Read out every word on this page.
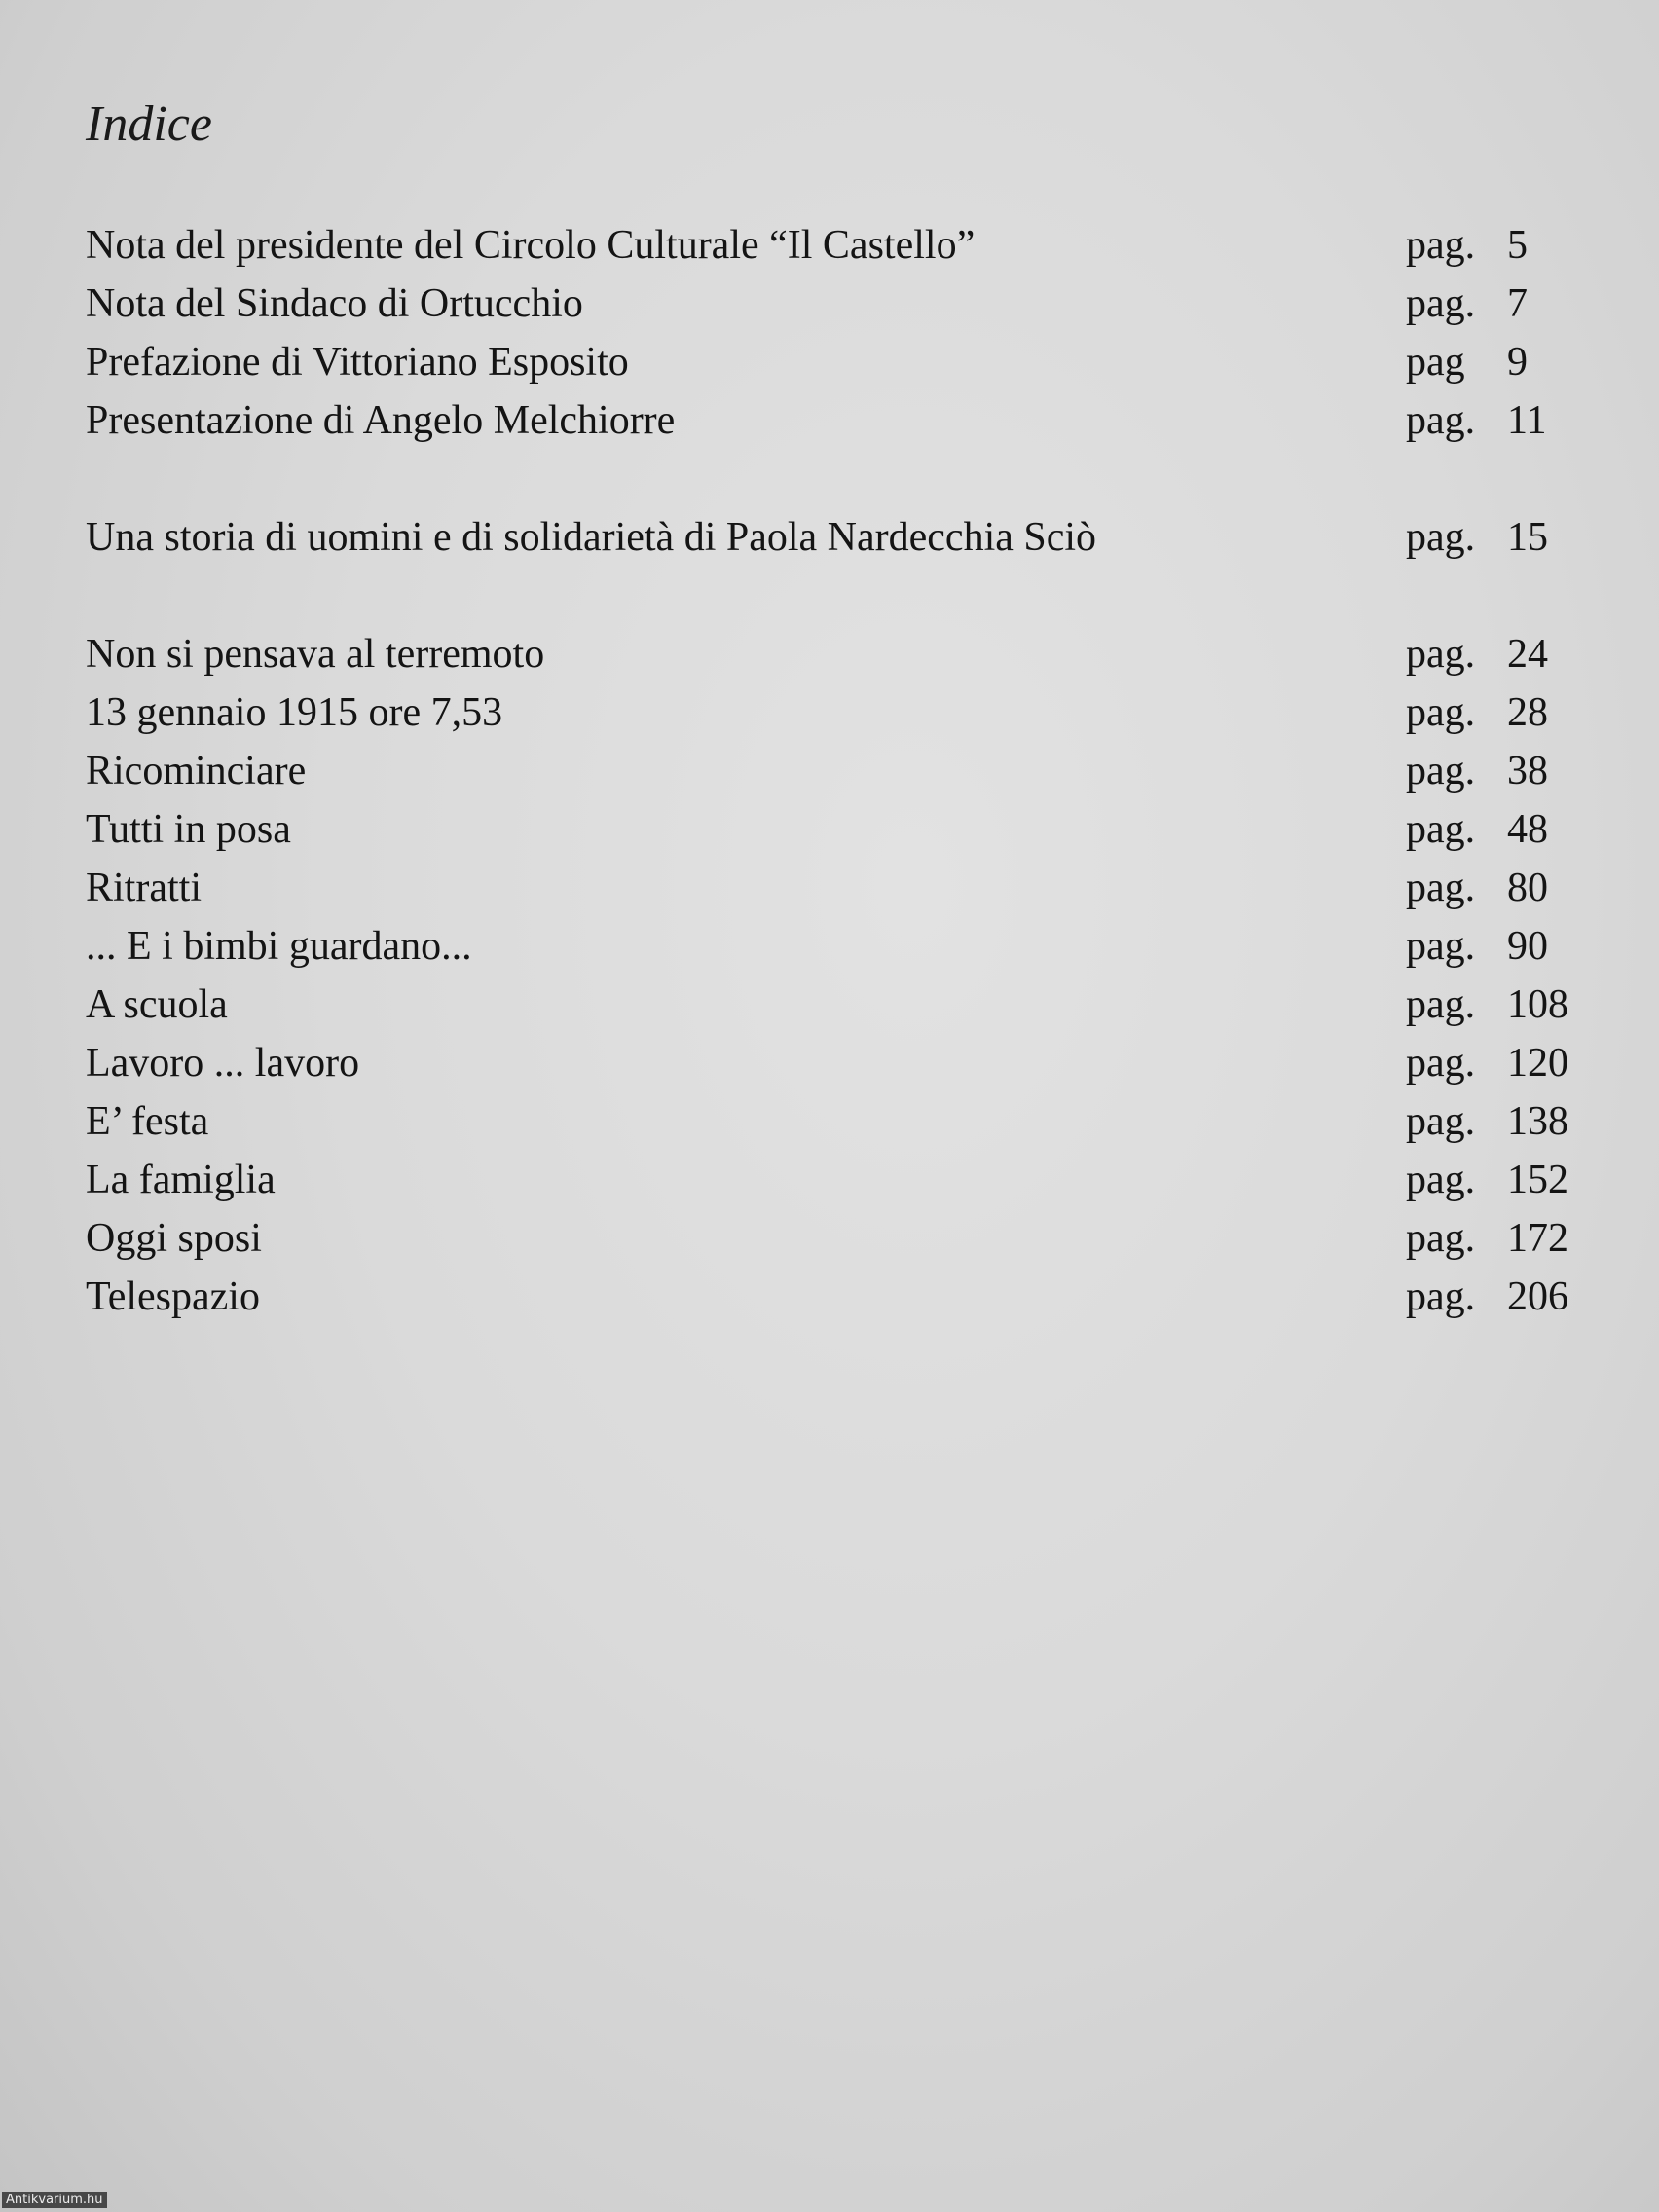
Indice
Nota del presidente del Circolo Culturale “Il Castello”	pag. 5
Nota del Sindaco di Ortucchio	pag. 7
Prefazione di Vittoriano Esposito	pag 9
Presentazione di Angelo Melchiorre	pag. 11
Una storia di uomini e di solidarietà di Paola Nardecchia Sciò	pag. 15
Non si pensava al terremoto	pag. 24
13 gennaio 1915 ore 7,53	pag. 28
Ricominciare	pag. 38
Tutti in posa	pag. 48
Ritratti	pag. 80
... E i bimbi guardano...	pag. 90
A scuola	pag. 108
Lavoro ... lavoro	pag. 120
E’ festa	pag. 138
La famiglia	pag. 152
Oggi sposi	pag. 172
Telespazio	pag. 206
Antikvarium.hu
